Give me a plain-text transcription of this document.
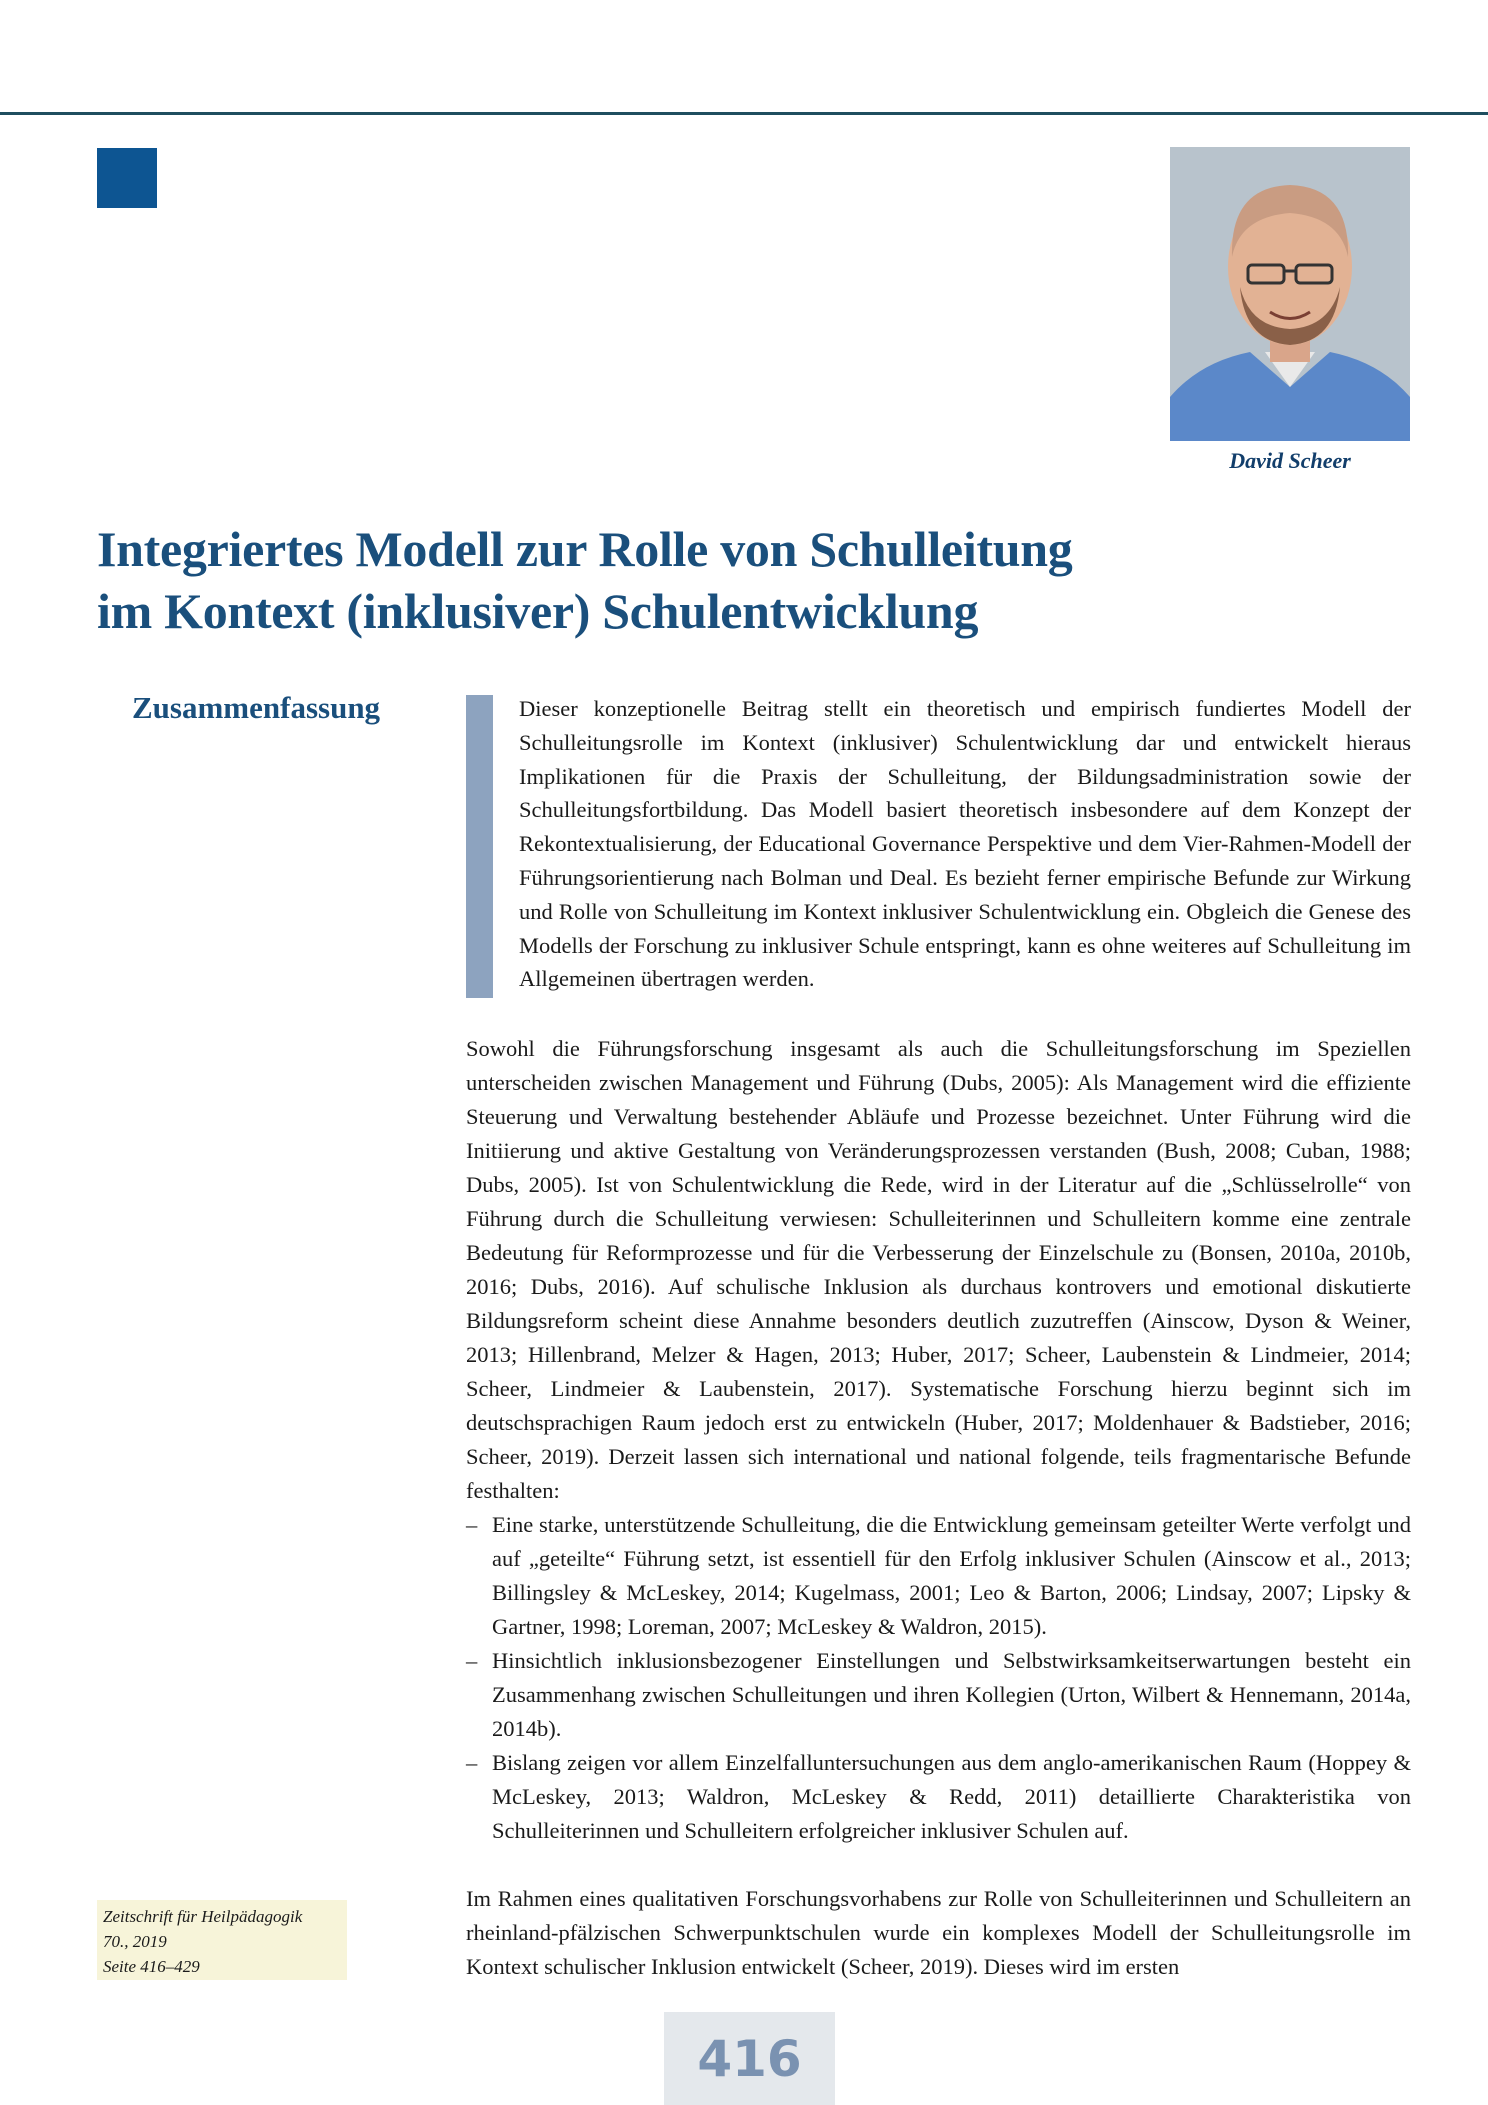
David Scheer
Integriertes Modell zur Rolle von Schulleitung
im Kontext (inklusiver) Schulentwicklung
Zusammenfassung	Dieser konzeptionelle Beitrag stellt ein theoretisch und empirisch fundiertes Modell der Schulleitungsrolle im Kontext (inklusiver) Schulentwicklung dar und entwickelt hieraus Implikationen für die Praxis der Schulleitung, der Bildungsadministration sowie der Schulleitungsfortbildung. Das Modell basiert theoretisch insbesondere auf dem Konzept der Rekontextualisierung, der Educational Governance Perspektive und dem Vier-Rahmen-Modell der Führungsorientierung nach Bolman und Deal. Es bezieht ferner empirische Befunde zur Wirkung und Rolle von Schulleitung im Kontext inklusiver Schulentwicklung ein. Obgleich die Genese des Modells der Forschung zu inklusiver Schule entspringt, kann es ohne weiteres auf Schulleitung im Allgemeinen übertragen werden.

Sowohl die Führungsforschung insgesamt als auch die Schulleitungsforschung im Speziellen unterscheiden zwischen Management und Führung (Dubs, 2005): Als Management wird die effiziente Steuerung und Verwaltung bestehender Abläufe und Prozesse bezeichnet. Unter Führung wird die Initiierung und aktive Gestaltung von Veränderungsprozessen verstanden (Bush, 2008; Cuban, 1988; Dubs, 2005). Ist von Schulentwicklung die Rede, wird in der Literatur auf die „Schlüsselrolle“ von Führung durch die Schulleitung verwiesen: Schulleiterinnen und Schulleitern komme eine zentrale Bedeutung für Reformprozesse und für die Verbesserung der Einzelschule zu (Bonsen, 2010a, 2010b, 2016; Dubs, 2016). Auf schulische Inklusion als durchaus kontrovers und emotional diskutierte Bildungsreform scheint diese Annahme besonders deutlich zuzutreffen (Ainscow, Dyson & Weiner, 2013; Hillenbrand, Melzer & Hagen, 2013; Huber, 2017; Scheer, Laubenstein & Lindmeier, 2014; Scheer, Lindmeier & Laubenstein, 2017). Systematische Forschung hierzu beginnt sich im deutschsprachigen Raum jedoch erst zu entwickeln (Huber, 2017; Moldenhauer & Badstieber, 2016; Scheer, 2019). Derzeit lassen sich international und national folgende, teils fragmentarische Befunde festhalten:

– Eine starke, unterstützende Schulleitung, die die Entwicklung gemeinsam geteilter Werte verfolgt und auf „geteilte“ Führung setzt, ist essentiell für den Erfolg inklusiver Schulen (Ainscow et al., 2013; Billingsley & McLeskey, 2014; Kugelmass, 2001; Leo & Barton, 2006; Lindsay, 2007; Lipsky & Gartner, 1998; Loreman, 2007; McLeskey & Waldron, 2015).
– Hinsichtlich inklusionsbezogener Einstellungen und Selbstwirksamkeitserwartungen besteht ein Zusammenhang zwischen Schulleitungen und ihren Kollegien (Urton, Wilbert & Hennemann, 2014a, 2014b).
– Bislang zeigen vor allem Einzelfalluntersuchungen aus dem anglo-amerikanischen Raum (Hoppey & McLeskey, 2013; Waldron, McLeskey & Redd, 2011) detaillierte Charakteristika von Schulleiterinnen und Schulleitern erfolgreicher inklusiver Schulen auf.

Im Rahmen eines qualitativen Forschungsvorhabens zur Rolle von Schulleiterinnen und Schulleitern an rheinland-pfälzischen Schwerpunktschulen wurde ein komplexes Modell der Schulleitungsrolle im Kontext schulischer Inklusion entwickelt (Scheer, 2019). Dieses wird im ersten

Zeitschrift für Heilpädagogik
70., 2019
Seite 416–429
416
